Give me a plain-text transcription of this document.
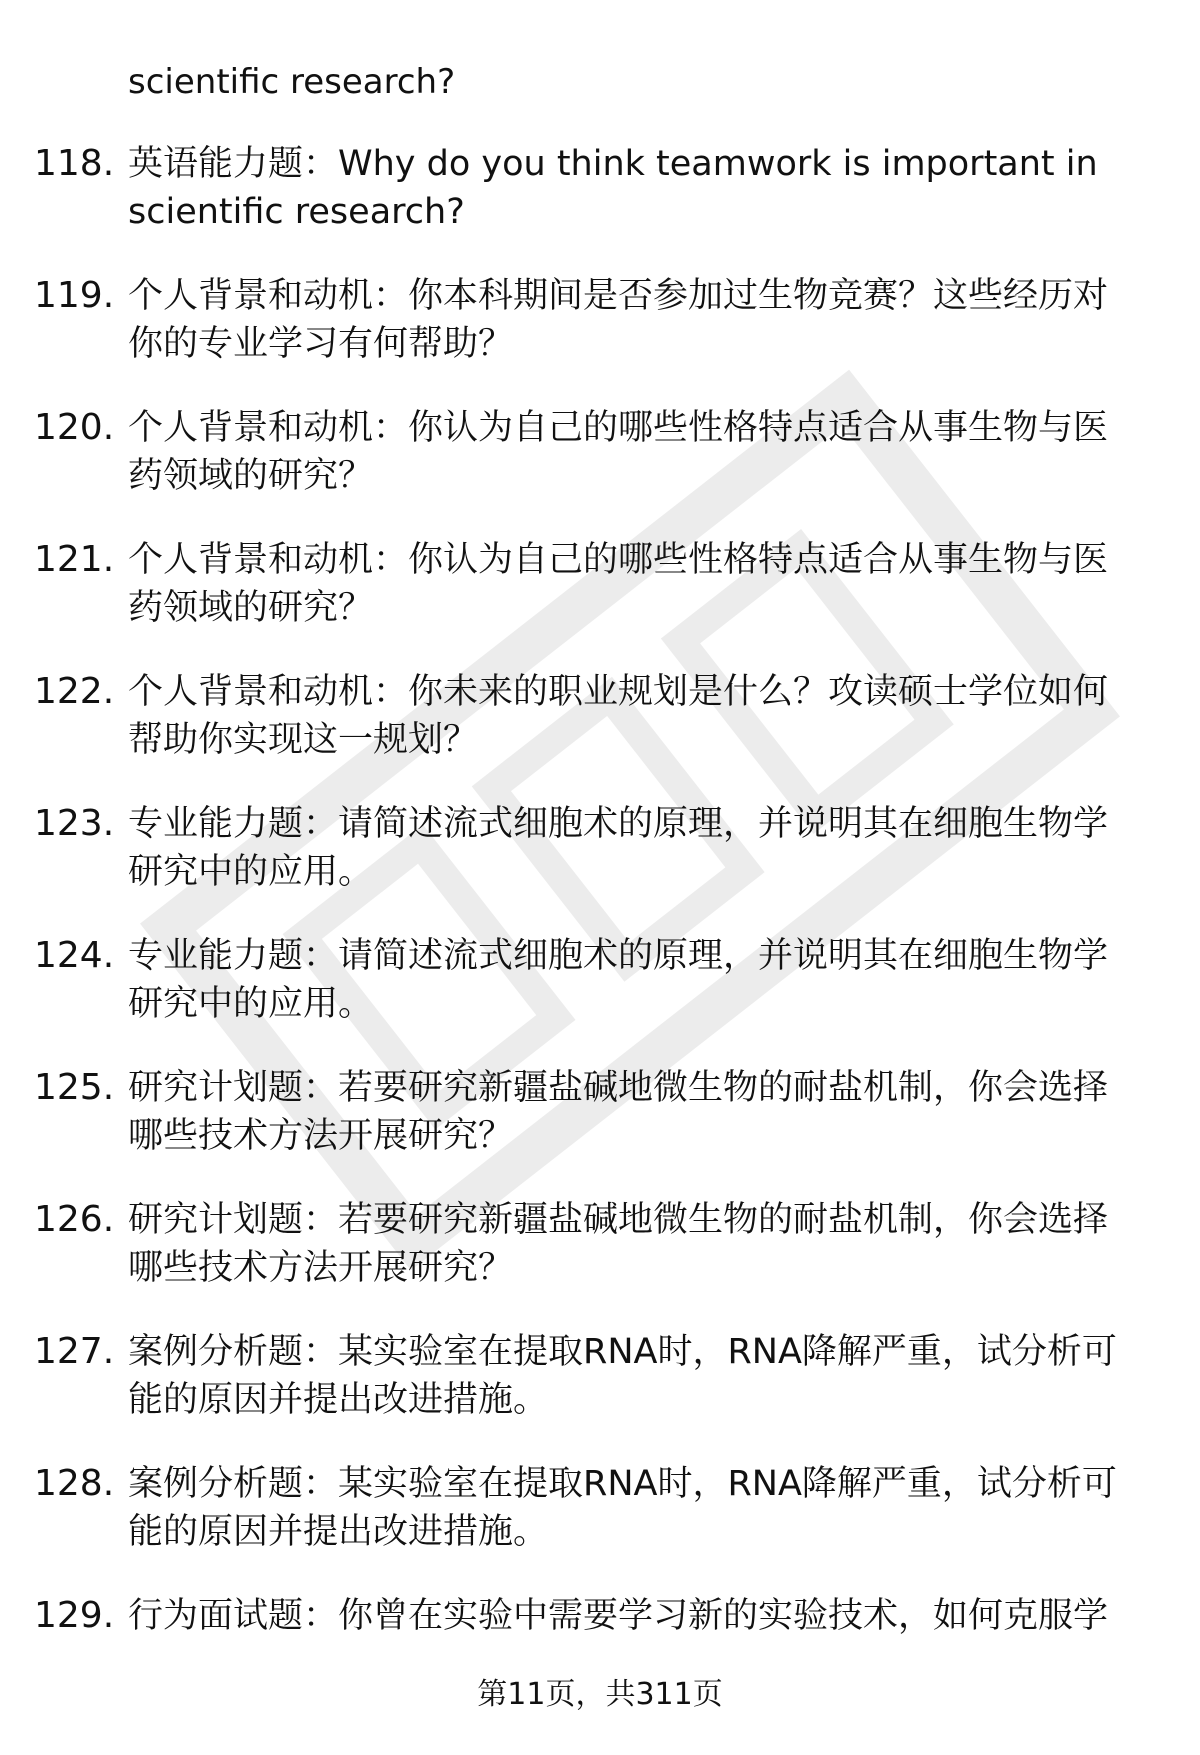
scientific research?
118. 英语能力题：Why do you think teamwork is important in scientific research?
119. 个人背景和动机：你本科期间是否参加过生物竞赛？这些经历对你的专业学习有何帮助？
120. 个人背景和动机：你认为自己的哪些性格特点适合从事生物与医药领域的研究？
121. 个人背景和动机：你认为自己的哪些性格特点适合从事生物与医药领域的研究？
122. 个人背景和动机：你未来的职业规划是什么？攻读硕士学位如何帮助你实现这一规划？
123. 专业能力题：请简述流式细胞术的原理，并说明其在细胞生物学研究中的应用。
124. 专业能力题：请简述流式细胞术的原理，并说明其在细胞生物学研究中的应用。
125. 研究计划题：若要研究新疆盐碱地微生物的耐盐机制，你会选择哪些技术方法开展研究？
126. 研究计划题：若要研究新疆盐碱地微生物的耐盐机制，你会选择哪些技术方法开展研究？
127. 案例分析题：某实验室在提取RNA时，RNA降解严重，试分析可能的原因并提出改进措施。
128. 案例分析题：某实验室在提取RNA时，RNA降解严重，试分析可能的原因并提出改进措施。
129. 行为面试题：你曾在实验中需要学习新的实验技术，如何克服学
第11页，共311页
